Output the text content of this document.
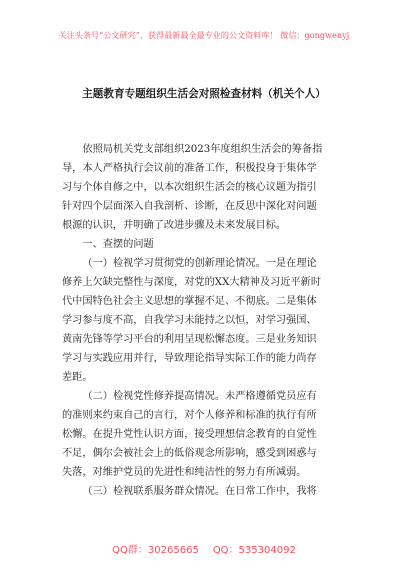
关注头条号“公文研究”，获得最新最全最专业的公文资料库！ 微信：gongwenyj
主题教育专题组织生活会对照检查材料（机关个人）

依照局机关党支部组织2023年度组织生活会的筹备指
导，本人严格执行会议前的准备工作，积极投身于集体学
习与个体自修之中，以本次组织生活会的核心议题为指引
针对四个层面深入自我剖析、诊断，在反思中深化对问题
根源的认识，并明确了改进步骤及未来发展目标。

一、查摆的问题

（一）检视学习贯彻党的创新理论情况。一是在理论
修养上欠缺完整性与深度，对党的XX大精神及习近平新时
代中国特色社会主义思想的掌握不足、不彻底。二是集体
学习参与度不高，自我学习未能持之以恒，对学习强国、
黄南先锋等学习平台的利用呈现松懈态度。三是业务知识
学习与实践应用并行，导致理论指导实际工作的能力尚存
差距。

（二）检视党性修养提高情况。未严格遵循党员应有
的准则来约束自己的言行，对个人修养和标准的执行有所
松懈。在提升党性认识方面，接受理想信念教育的自觉性
不足，偶尔会被社会上的低俗观念所影响，感受到困惑与
失落，对维护党员的先进性和纯洁性的努力有所减弱。

（三）检视联系服务群众情况。在日常工作中，我将

QQ群：30265665 QQ：535304092
